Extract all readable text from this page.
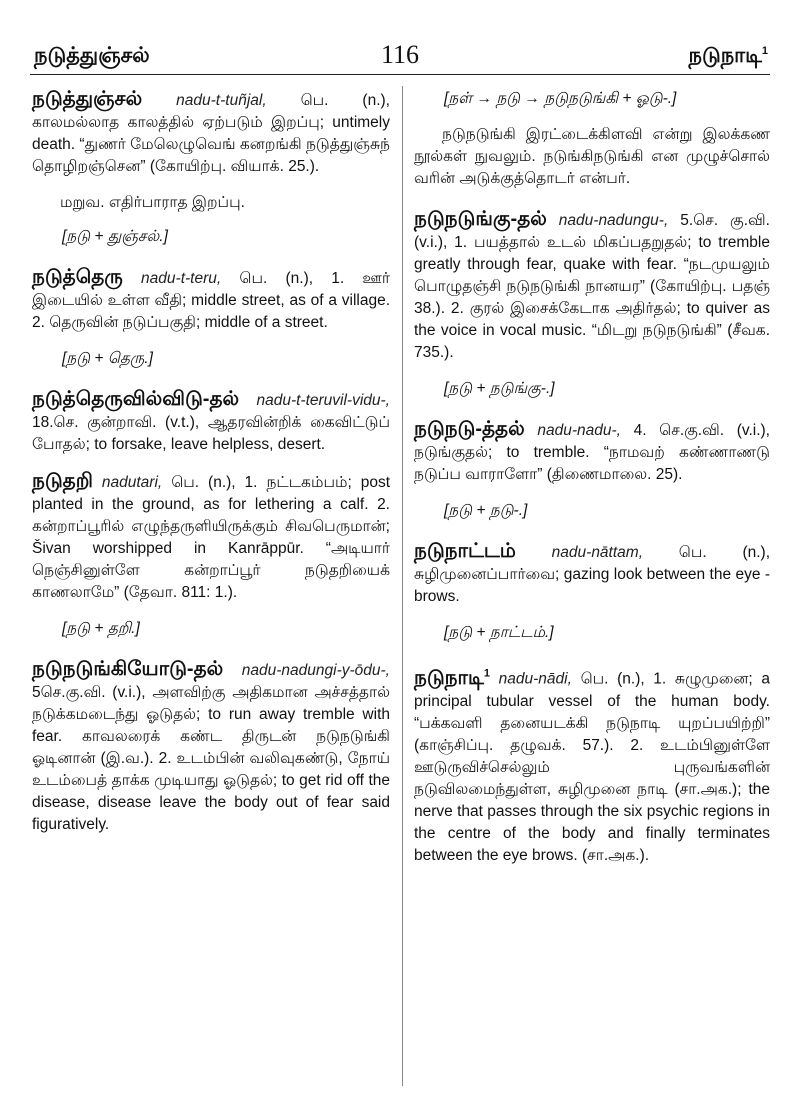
நடுத்துஞ்சல்	116	நடுநாடி$^1$
நடுத்துஞ்சல் nadu-t-tuñjal, பெ. (n.), காலமல்லாத காலத்தில் ஏற்படும் இறப்பு; untimely death. “துணர் மேலெழுவெங் கனறங்கி நடுத்துஞ்சுந் தொழிறஞ்சென” (கோயிற்பு. வியாக். 25.).
மறுவ. எதிர்பாராத இறப்பு.
[நடு + துஞ்சல்.]
நடுத்தெரு nadu-t-teru, பெ. (n.), 1. ஊர் இடையில் உள்ள வீதி; middle street, as of a village. 2. தெருவின் நடுப்பகுதி; middle of a street.
[நடு + தெரு.]
நடுத்தெருவில்விடு-தல் nadu-t-teruvil-vidu-, 18.செ. குன்றாவி. (v.t.), ஆதரவின்றிக் கைவிட்டுப் போதல்; to forsake, leave helpless, desert.
நடுதறி nadutari, பெ. (n.), 1. நட்டகம்பம்; post planted in the ground, as for lethering a calf. 2. கன்றாப்பூரில் எழுந்தருளியிருக்கும் சிவபெருமான்; Šivan worshipped in Kanrāppūr. “அடியார் நெஞ்சினுள்ளே கன்றாப்பூர் நடுதறியைக் காணலாமே” (தேவா. 811: 1.).
[நடு + தறி.]
நடுநடுங்கியோடு-தல் nadu-nadungi-y-ōdu-, 5செ.கு.வி. (v.i.), அளவிற்கு அதிகமான அச்சத்தால் நடுக்கமடைந்து ஓடுதல்; to run away tremble with fear. காவலரைக் கண்ட திருடன் நடுநடுங்கி ஓடினான் (இ.வ.). 2. உடம்பின் வலிவுகண்டு, நோய் உடம்பைத் தாக்க முடியாது ஓடுதல்; to get rid off the disease, disease leave the body out of fear said figuratively.
[நள் → நடு → நடுநடுங்கி + ஓடு-.]
நடுநடுங்கி இரட்டைக்கிளவி என்று இலக்கண நூல்கள் நுவலும். நடுங்கிநடுங்கி என முழுச்சொல் வரின் அடுக்குத்தொடர் என்பர்.
நடுநடுங்கு-தல் nadu-nadungu-, 5.செ. கு.வி. (v.i.), 1. பயத்தால் உடல் மிகப்பதறுதல்; to tremble greatly through fear, quake with fear. “நடமுயலும் பொழுதஞ்சி நடுநடுங்கி நானயர” (கோயிற்பு. பதஞ் 38.). 2. குரல் இசைக்கேடாக அதிர்தல்; to quiver as the voice in vocal music. “மிடறு நடுநடுங்கி” (சீவக. 735.).
[நடு + நடுங்கு-.]
நடுநடு-த்தல் nadu-nadu-, 4. செ.கு.வி. (v.i.), நடுங்குதல்; to tremble. “நாமவற் கண்ணாணடு நடுப்ப வாராளோ” (திணைமாலை. 25).
[நடு + நடு-.]
நடுநாட்டம் nadu-nāttam, பெ. (n.), சுழிமுனைப்பார்வை; gazing look between the eye - brows.
[நடு + நாட்டம்.]
நடுநாடி$^1$ nadu-nādi, பெ. (n.), 1. சுழுமுனை; a principal tubular vessel of the human body. “பக்கவளி தனையடக்கி நடுநாடி யுறப்பயிற்றி” (காஞ்சிப்பு. தழுவக். 57.). 2. உடம்பினுள்ளே ஊடுருவிச்செல்லும் புருவங்களின் நடுவிலமைந்துள்ள, சுழிமுனை நாடி (சா.அக.); the nerve that passes through the six psychic regions in the centre of the body and finally terminates between the eye brows. (சா.அக.).
